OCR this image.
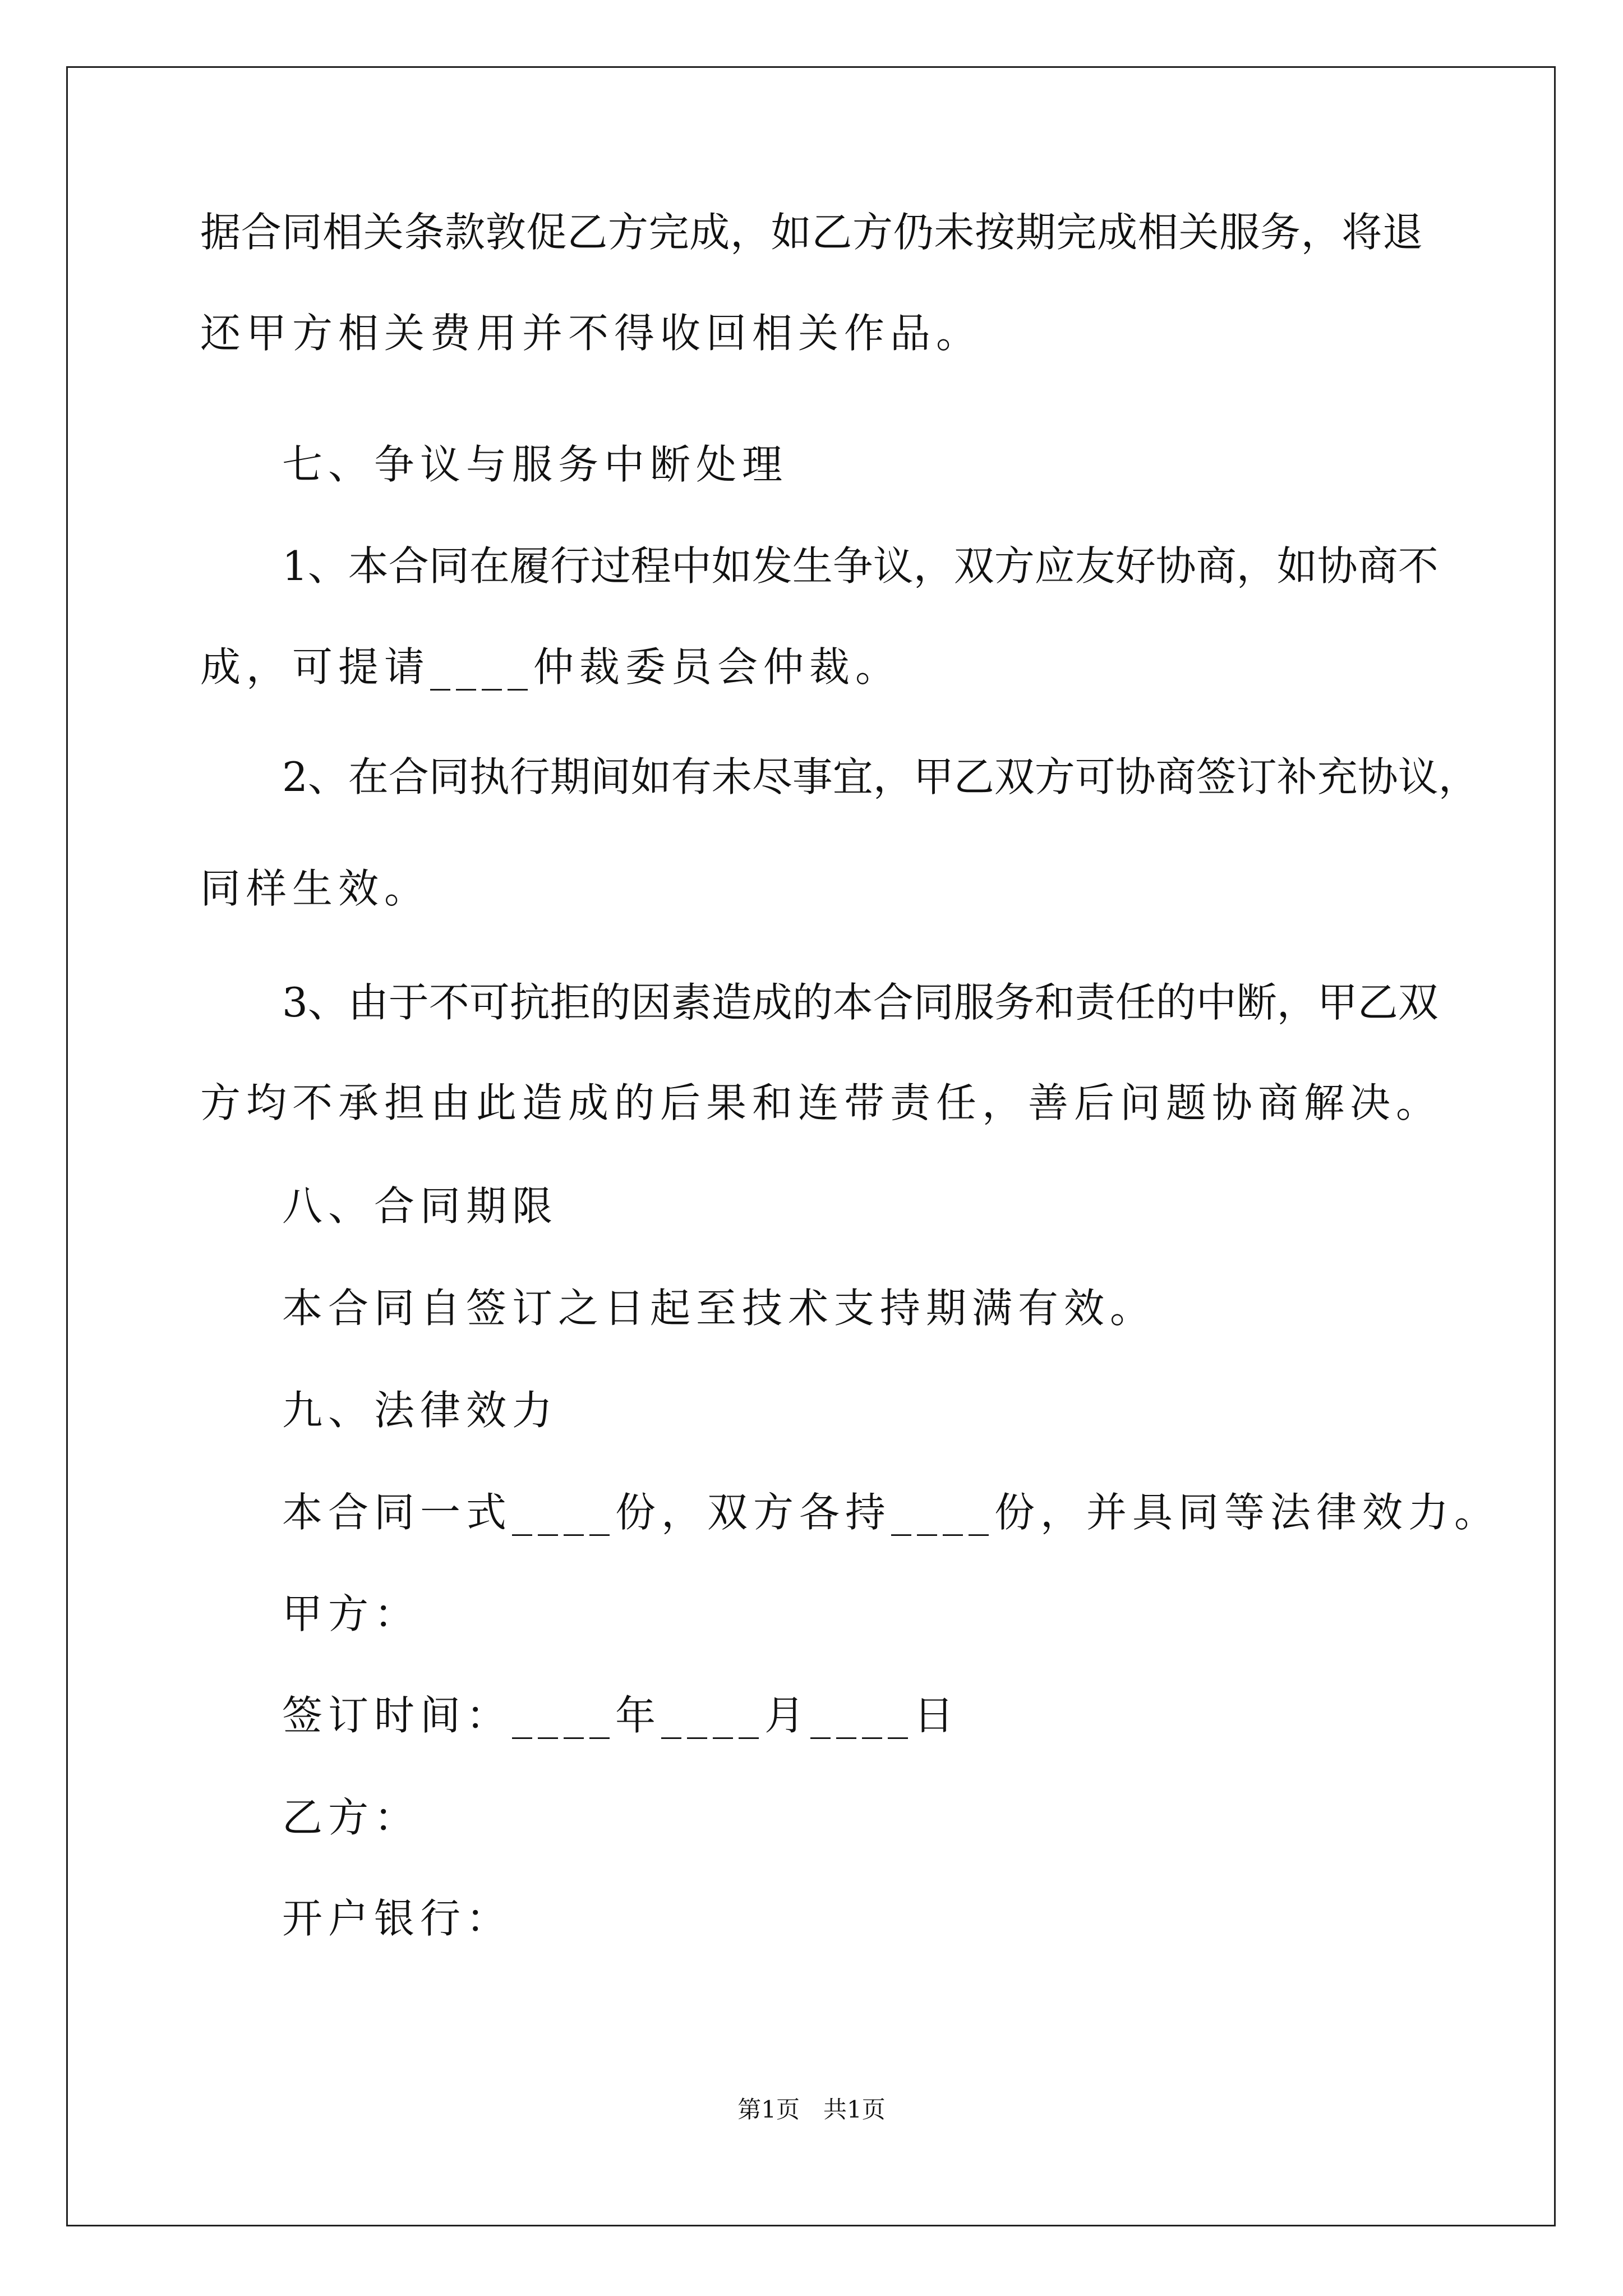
据合同相关条款敦促乙方完成，如乙方仍未按期完成相关服务，将退
还甲方相关费用并不得收回相关作品。
七、争议与服务中断处理
1、本合同在履行过程中如发生争议，双方应友好协商，如协商不
成，可提请____仲裁委员会仲裁。
2、在合同执行期间如有未尽事宜，甲乙双方可协商签订补充协议，
同样生效。
3、由于不可抗拒的因素造成的本合同服务和责任的中断，甲乙双
方均不承担由此造成的后果和连带责任，善后问题协商解决。
八、合同期限
本合同自签订之日起至技术支持期满有效。
九、法律效力
本合同一式____份，双方各持____份，并具同等法律效力。
甲方：
签订时间：____年____月____日
乙方：
开户银行：
第1页　共1页
